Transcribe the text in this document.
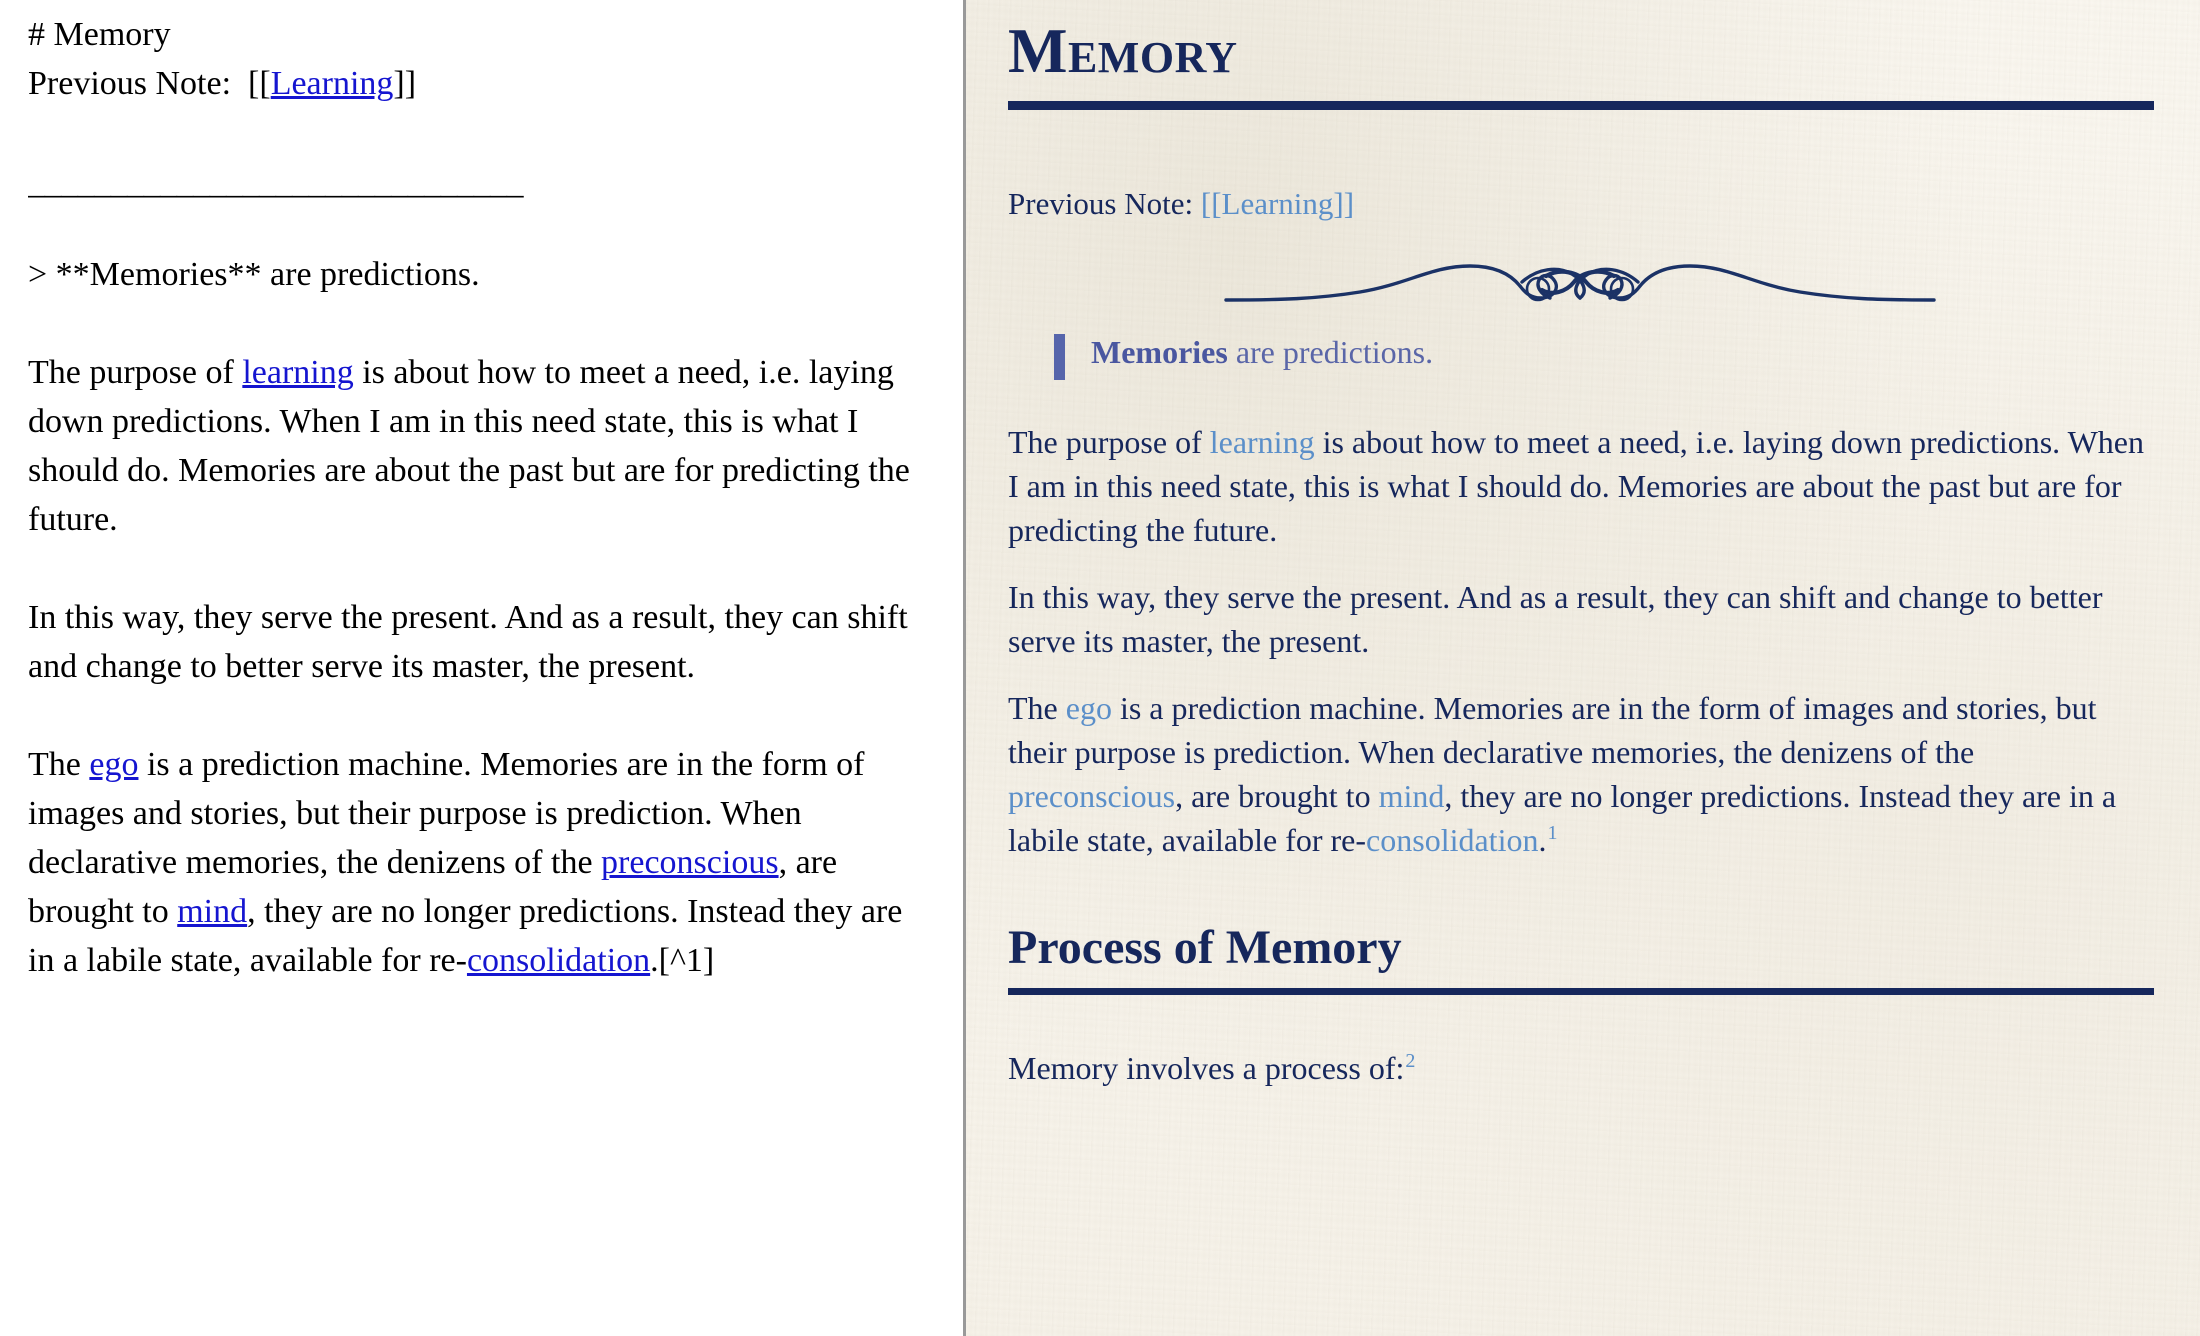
# Memory
Previous Note:  [[Learning]]
______________________________
> **Memories** are predictions.

The purpose of learning is about how to meet a need, i.e. laying down predictions. When I am in this need state, this is what I should do. Memories are about the past but are for predicting the future.

In this way, they serve the present. And as a result, they can shift and change to better serve its master, the present.

The ego is a prediction machine. Memories are in the form of images and stories, but their purpose is prediction. When declarative memories, the denizens of the preconscious, are brought to mind, they are no longer predictions. Instead they are in a labile state, available for re-consolidation.[^1]

Memory

Previous Note: [[Learning]]

Memories are predictions.

The purpose of learning is about how to meet a need, i.e. laying down predictions. When I am in this need state, this is what I should do. Memories are about the past but are for predicting the future.

In this way, they serve the present. And as a result, they can shift and change to better serve its master, the present.

The ego is a prediction machine. Memories are in the form of images and stories, but their purpose is prediction. When declarative memories, the denizens of the preconscious, are brought to mind, they are no longer predictions. Instead they are in a labile state, available for re-consolidation.$^1$

Process of Memory

Memory involves a process of:$^2$
